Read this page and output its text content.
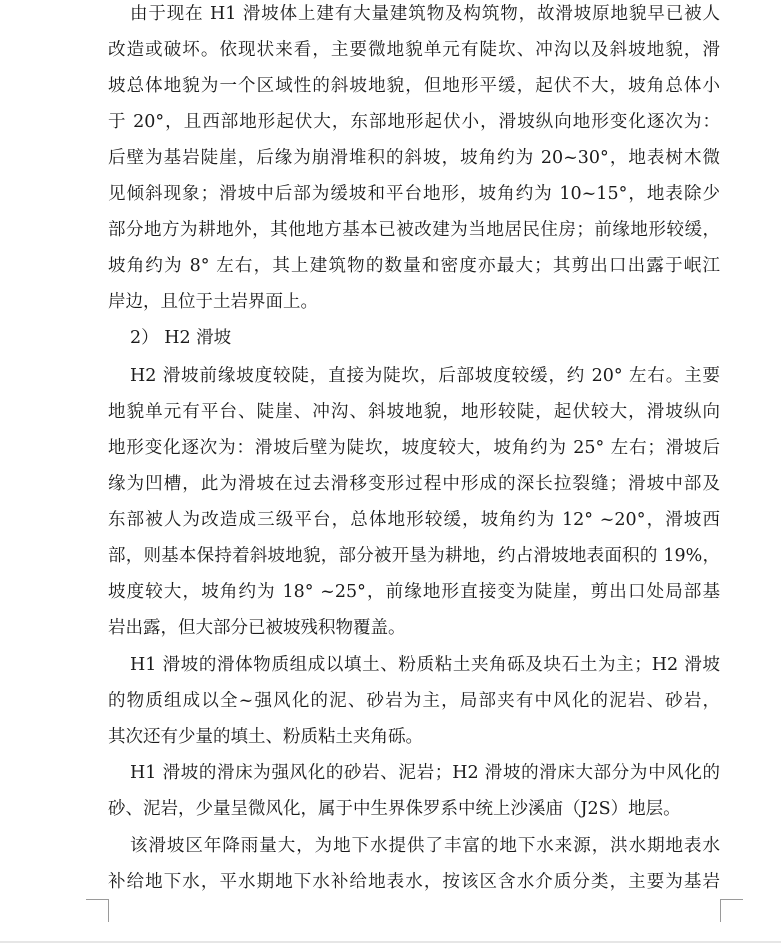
由于现在 H1 滑坡体上建有大量建筑物及构筑物，故滑坡原地貌早已被人
改造或破坏。依现状来看，主要微地貌单元有陡坎、冲沟以及斜坡地貌，滑
坡总体地貌为一个区域性的斜坡地貌，但地形平缓，起伏不大，坡角总体小
于 20°，且西部地形起伏大，东部地形起伏小，滑坡纵向地形变化逐次为：
后壁为基岩陡崖，后缘为崩滑堆积的斜坡，坡角约为 20~30°，地表树木微
见倾斜现象；滑坡中后部为缓坡和平台地形，坡角约为 10~15°，地表除少
部分地方为耕地外，其他地方基本已被改建为当地居民住房；前缘地形较缓，
坡角约为 8° 左右，其上建筑物的数量和密度亦最大；其剪出口出露于岷江
岸边，且位于土岩界面上。
2） H2 滑坡
H2 滑坡前缘坡度较陡，直接为陡坎，后部坡度较缓，约 20° 左右。主要
地貌单元有平台、陡崖、冲沟、斜坡地貌，地形较陡，起伏较大，滑坡纵向
地形变化逐次为：滑坡后壁为陡坎，坡度较大，坡角约为 25° 左右；滑坡后
缘为凹槽，此为滑坡在过去滑移变形过程中形成的深长拉裂缝；滑坡中部及
东部被人为改造成三级平台，总体地形较缓，坡角约为 12° ~20°，滑坡西
部，则基本保持着斜坡地貌，部分被开垦为耕地，约占滑坡地表面积的 19%，
坡度较大，坡角约为 18° ~25°，前缘地形直接变为陡崖，剪出口处局部基
岩出露，但大部分已被坡残积物覆盖。
H1 滑坡的滑体物质组成以填土、粉质粘土夹角砾及块石土为主；H2 滑坡
的物质组成以全~强风化的泥、砂岩为主，局部夹有中风化的泥岩、砂岩，
其次还有少量的填土、粉质粘土夹角砾。
H1 滑坡的滑床为强风化的砂岩、泥岩；H2 滑坡的滑床大部分为中风化的
砂、泥岩，少量呈微风化，属于中生界侏罗系中统上沙溪庙（J2S）地层。
该滑坡区年降雨量大，为地下水提供了丰富的地下水来源，洪水期地表水
补给地下水，平水期地下水补给地表水，按该区含水介质分类，主要为基岩
